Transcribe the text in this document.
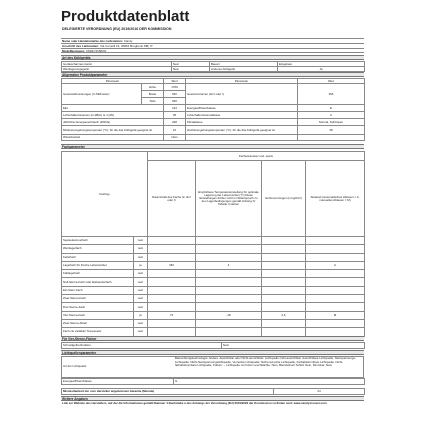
Produktdatenblatt
DELEGIERTE VERORDNUNG (EU) 2019/2016 DER KOMMISSION
Name oder Handelsmarke des Lieferanten: Candy
Anschrift des Lieferanten: Via Comolli 16, 20861 Brugherio MB, IT
Modellkennung: CMSN 5156XN
Art des Kühlgeräts
Geräuscharmes Gerät	Nein	Bauart	Eingebaut
Weinlagerungsgerät	Nein	Anderes Kühlgerät	Ja
Allgemeine Produktparameter
Parameter		Wert	Parameter	Wert
Gesamtabmessungen (in Millimeter)	Höhe	1769	Gesamtvolumen (dm³ oder l)	256
	Breite	540		
	Tiefe	540		
EEI		124	Energieeffizienzklasse	E
Luftschallemissionen (in dB(A) re 1 pW)		35	Luftschallemissionsklasse	C
Jährlicher Energieverbrauch (kWh/a)		228	Klimaklasse	Normal, Subtropen
Mindestumgebungstemperatur (°C), für die das Kühlgerät geeignet ist		10	Höchstumgebungstemperatur (°C), für die das Kühlgerät geeignet ist	38
Winterbetrieb		Nein		
Fachparameter
Fachtyp	Fachparameter und -werte			
	Rauminhalt des Fachs (in dm³ oder l)	Empfohlene Temperatureinstellung für optimale Lagerung der Lebensmittel (°C) Diese Einstellungen dürfen nicht im Widerspruch zu den Lagerbedingungen gemäß Anhang IV Tabelle 3 stehen	Gefriervermögen (in kg/24 h)	Abtauart (Automatisches Abtauen = A, manuelles Abtauen = M)
Speisekammerfach	nein				
Weinlagerfach	nein				
Kellerfach	nein				
Lagerfach für frische Lebensmittel	ja	183	4		A
Kaltlagerfach	nein				
Null-Sterne-Fach oder Eisbereiterfach	nein				
Ein-Stern-Fach	nein				
Zwei-Sterne-Fach	nein				
Drei-Sterne-Fach	nein				
Vier-Sterne-Fach	ja	73	-18	2,6	M
Zwei-Sterne-Abteil	nein				
Fach mit variabler Temperatur	nein				
Für Vier-Sterne-Fächer
Schnellgefrierfunktion	Nein
Lichtquellenparameter
Art der Lichtquelle
Beleuchtungstechnologie: Andere. Ausrichtbar oder Nicht-ausrichtbar: Lichtquelle nicht-ausrichtbar. Ausrichtbare Lichtquelle, Netzspannungs-Lichtquelle: Nicht-Netzspannungslichtquelle, Vernetzte Lichtquelle: Nicht-vernetzte Lichtquelle, Farbabstimmbare Lichtquelle: Nicht-farbabstimmbare Lichtquelle, Kolben: -, Lichtquelle mit hoher Leuchtdichte: Nein, Blendschutz Schild: Nein, Dimmbar: Nein
Energieeffizienzklasse	G
Mindestlaufzeit der vom Hersteller angebotenen Garantie (Monate)	24
Weitere Angaben
Link zur Website des Herstellers, auf der die Informationen gemäß Nummer 4 Buchstabe a des Anhangs der Verordnung (EU) 2019/2020 der Kommission zu finden sind: www.candy-hoover.com
